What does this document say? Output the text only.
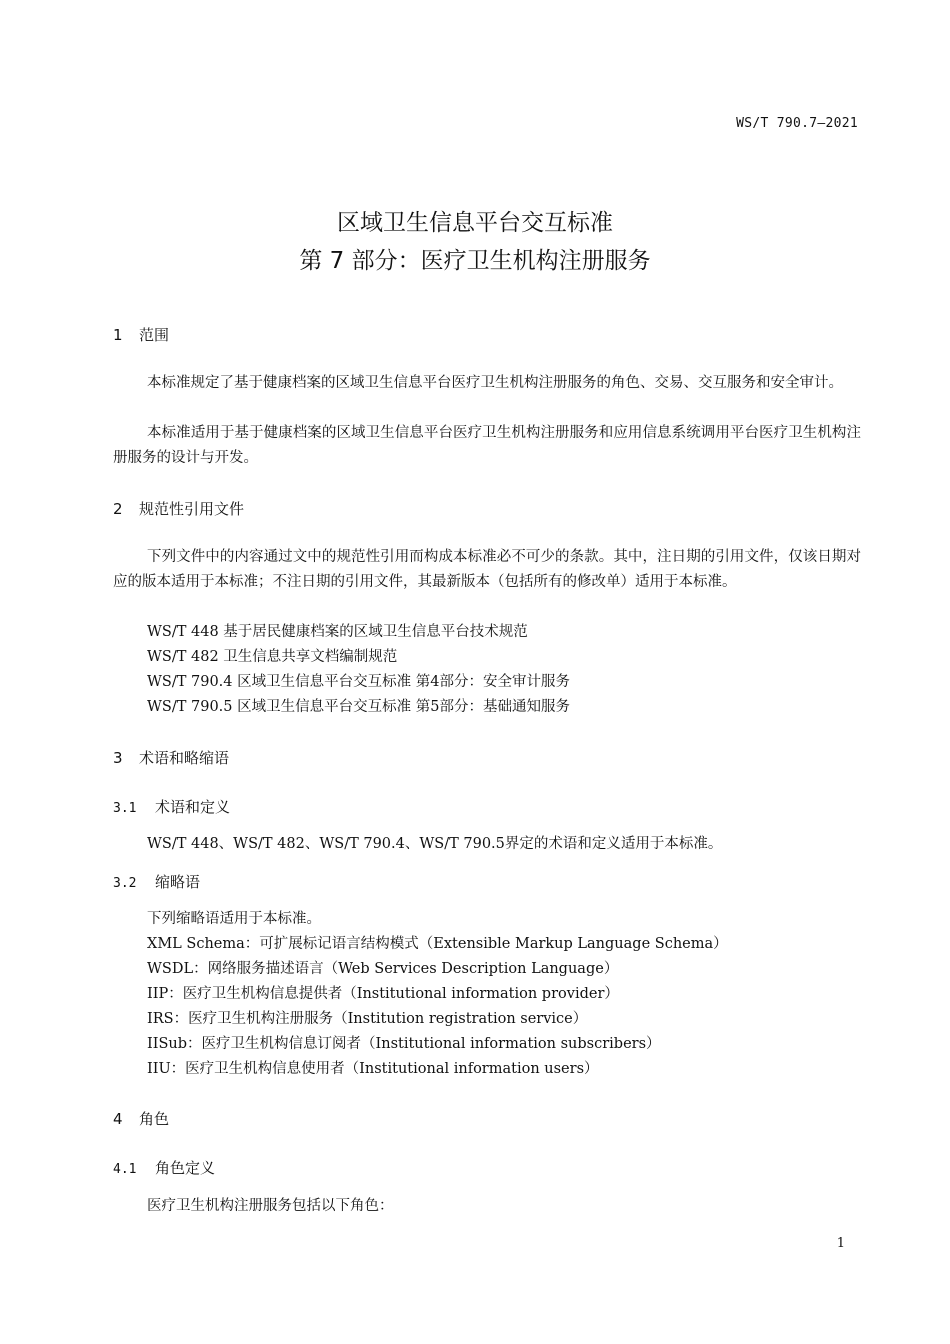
WS/T 790.7—2021
区域卫生信息平台交互标准
第 7 部分：医疗卫生机构注册服务
1 范围
本标准规定了基于健康档案的区域卫生信息平台医疗卫生机构注册服务的角色、交易、交互服务和安全审计。
本标准适用于基于健康档案的区域卫生信息平台医疗卫生机构注册服务和应用信息系统调用平台医疗卫生机构注册服务的设计与开发。
2 规范性引用文件
下列文件中的内容通过文中的规范性引用而构成本标准必不可少的条款。其中，注日期的引用文件，仅该日期对应的版本适用于本标准；不注日期的引用文件，其最新版本（包括所有的修改单）适用于本标准。
WS/T 448 基于居民健康档案的区域卫生信息平台技术规范
WS/T 482 卫生信息共享文档编制规范
WS/T 790.4 区域卫生信息平台交互标准 第4部分：安全审计服务
WS/T 790.5 区域卫生信息平台交互标准 第5部分：基础通知服务
3 术语和略缩语
3.1 术语和定义
WS/T 448、WS/T 482、WS/T 790.4、WS/T 790.5界定的术语和定义适用于本标准。
3.2 缩略语
下列缩略语适用于本标准。
XML Schema：可扩展标记语言结构模式（Extensible Markup Language Schema）
WSDL：网络服务描述语言（Web Services Description Language）
IIP：医疗卫生机构信息提供者（Institutional information provider）
IRS：医疗卫生机构注册服务（Institution registration service）
IISub：医疗卫生机构信息订阅者（Institutional information subscribers）
IIU：医疗卫生机构信息使用者（Institutional information users）
4 角色
4.1 角色定义
医疗卫生机构注册服务包括以下角色：
1
